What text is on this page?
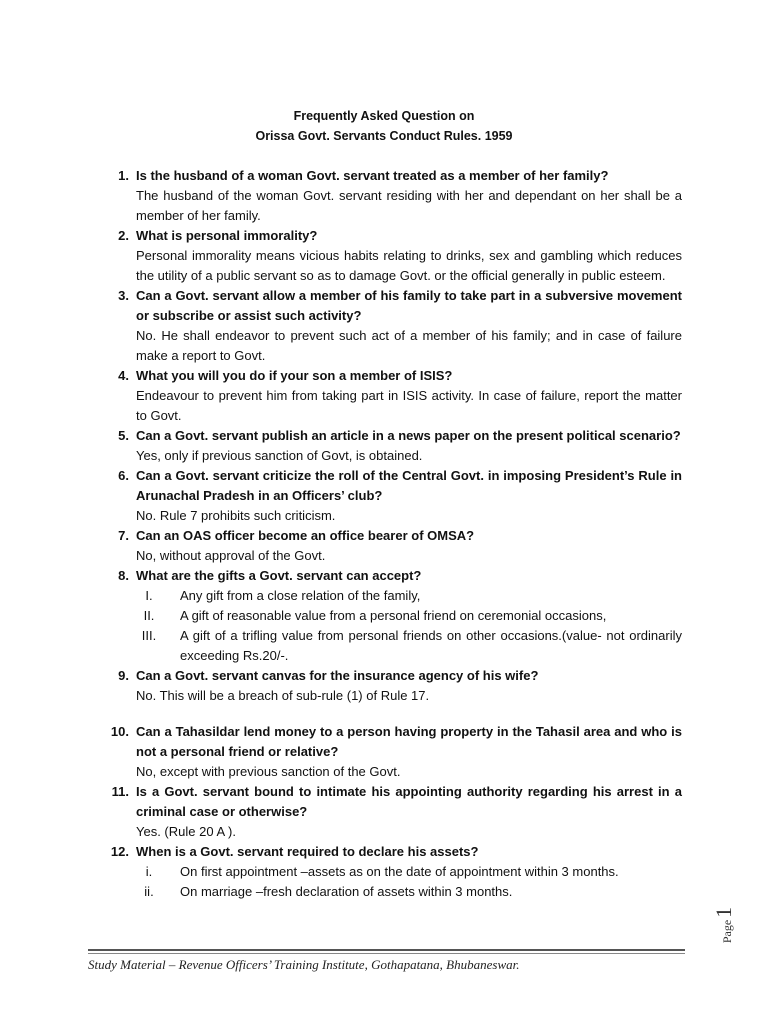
Frequently Asked Question on
Orissa Govt. Servants Conduct Rules. 1959
1. Is the husband of a woman Govt. servant treated as a member of her family?
The husband of the woman Govt. servant residing with her and dependant on her shall be a member of her family.
2. What is personal immorality?
Personal immorality means vicious habits relating to drinks, sex and gambling which reduces the utility of a public servant so as to damage Govt. or the official generally in public esteem.
3. Can a Govt. servant allow a member of his family to take part in a subversive movement or subscribe or assist such activity?
No. He shall endeavor to prevent such act of a member of his family; and in case of failure make a report to Govt.
4. What you will you do if your son a member of ISIS?
Endeavour to prevent him from taking part in ISIS activity. In case of failure, report the matter to Govt.
5. Can a Govt. servant publish an article in a news paper on the present political scenario?
Yes, only if previous sanction of Govt, is obtained.
6. Can a Govt. servant criticize the roll of the Central Govt. in imposing President’s Rule in Arunachal Pradesh in an Officers’ club?
No. Rule 7 prohibits such criticism.
7. Can an OAS officer become an office bearer of OMSA?
No, without approval of the Govt.
8. What are the gifts a Govt. servant can accept?
I.	Any gift from a close relation of the family,
II.	A gift of reasonable value from a personal friend on ceremonial occasions,
III. A gift of a trifling value from personal friends on other occasions.(value- not ordinarily exceeding Rs.20/-.
9. Can a Govt. servant canvas for the insurance agency of his wife?
No. This will be a breach of sub-rule (1) of Rule 17.
10. Can a Tahasildar lend money to a person having property in the Tahasil area and who is not a personal friend or relative?
No, except with previous sanction of the Govt.
11. Is a Govt. servant bound to intimate his appointing authority regarding his arrest in a criminal case or otherwise?
Yes. (Rule 20 A ).
12. When is a Govt. servant required to declare his assets?
i.	On first appointment –assets as on the date of appointment within 3 months.
ii.	On marriage –fresh declaration of assets within 3 months.
Study Material – Revenue Officers’ Training Institute, Gothapatana, Bhubaneswar.
Page
1
